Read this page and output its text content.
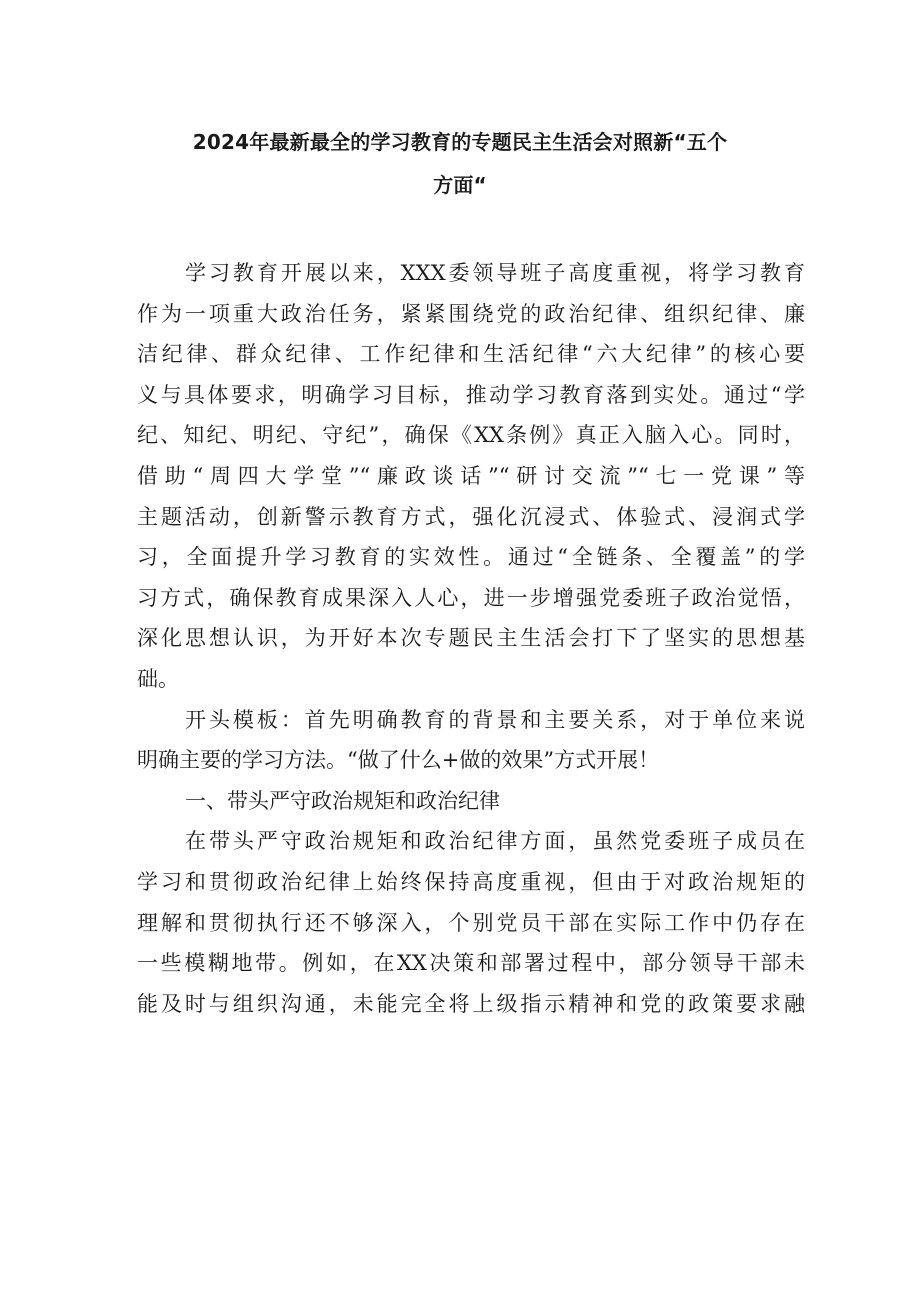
2024年最新最全的学习教育的专题民主生活会对照新“五个
方面“
学习教育开展以来，XXX委领导班子高度重视，将学习教育
作为一项重大政治任务，紧紧围绕党的政治纪律、组织纪律、廉
洁纪律、群众纪律、工作纪律和生活纪律“六大纪律”的核心要
义与具体要求，明确学习目标，推动学习教育落到实处。通过“学
纪、知纪、明纪、守纪”，确保《XX条例》真正入脑入心。同时，
借助“周四大学堂”“廉政谈话”“研讨交流”“七一党课”等
主题活动，创新警示教育方式，强化沉浸式、体验式、浸润式学
习，全面提升学习教育的实效性。通过“全链条、全覆盖”的学
习方式，确保教育成果深入人心，进一步增强党委班子政治觉悟，
深化思想认识，为开好本次专题民主生活会打下了坚实的思想基
础。
开头模板：首先明确教育的背景和主要关系，对于单位来说
明确主要的学习方法。“做了什么+做的效果”方式开展！
一、带头严守政治规矩和政治纪律
在带头严守政治规矩和政治纪律方面，虽然党委班子成员在
学习和贯彻政治纪律上始终保持高度重视，但由于对政治规矩的
理解和贯彻执行还不够深入，个别党员干部在实际工作中仍存在
一些模糊地带。例如，在XX决策和部署过程中，部分领导干部未
能及时与组织沟通，未能完全将上级指示精神和党的政策要求融
